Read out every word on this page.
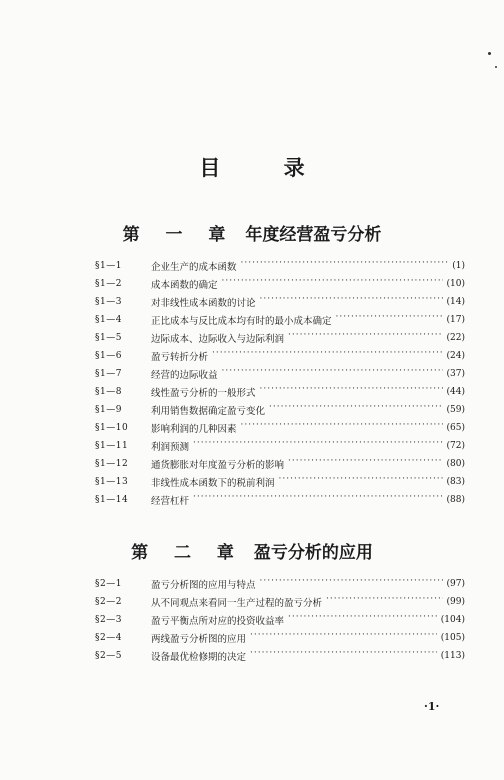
目 录
第 一 章 年度经营盈亏分析
§1—1	企业生产的成本函数 ·····	(1)
§1—2	成本函数的确定 ·····	(10)
§1—3	对非线性成本函数的讨论 ·····	(14)
§1—4	正比成本与反比成本均有时的最小成本确定 ·····	(17)
§1—5	边际成本、边际收入与边际利润 ·····	(22)
§1—6	盈亏转折分析 ·····	(24)
§1—7	经营的边际收益 ·····	(37)
§1—8	线性盈亏分析的一般形式 ·····	(44)
§1—9	利用销售数据确定盈亏变化 ·····	(59)
§1—10	影响利润的几种因素 ·····	(65)
§1—11	利润预测 ·····	(72)
§1—12	通货膨胀对年度盈亏分析的影响 ·····	(80)
§1—13	非线性成本函数下的税前利润 ·····	(83)
§1—14	经营杠杆 ·····	(88)
第 二 章 盈亏分析的应用
§2—1	盈亏分析图的应用与特点 ·····	(97)
§2—2	从不同观点来看同一生产过程的盈亏分析 ·····	(99)
§2—3	盈亏平衡点所对应的投资收益率 ·····	(104)
§2—4	两线盈亏分析图的应用 ·····	(105)
§2—5	设备最优检修期的决定 ·····	(113)
·1·
